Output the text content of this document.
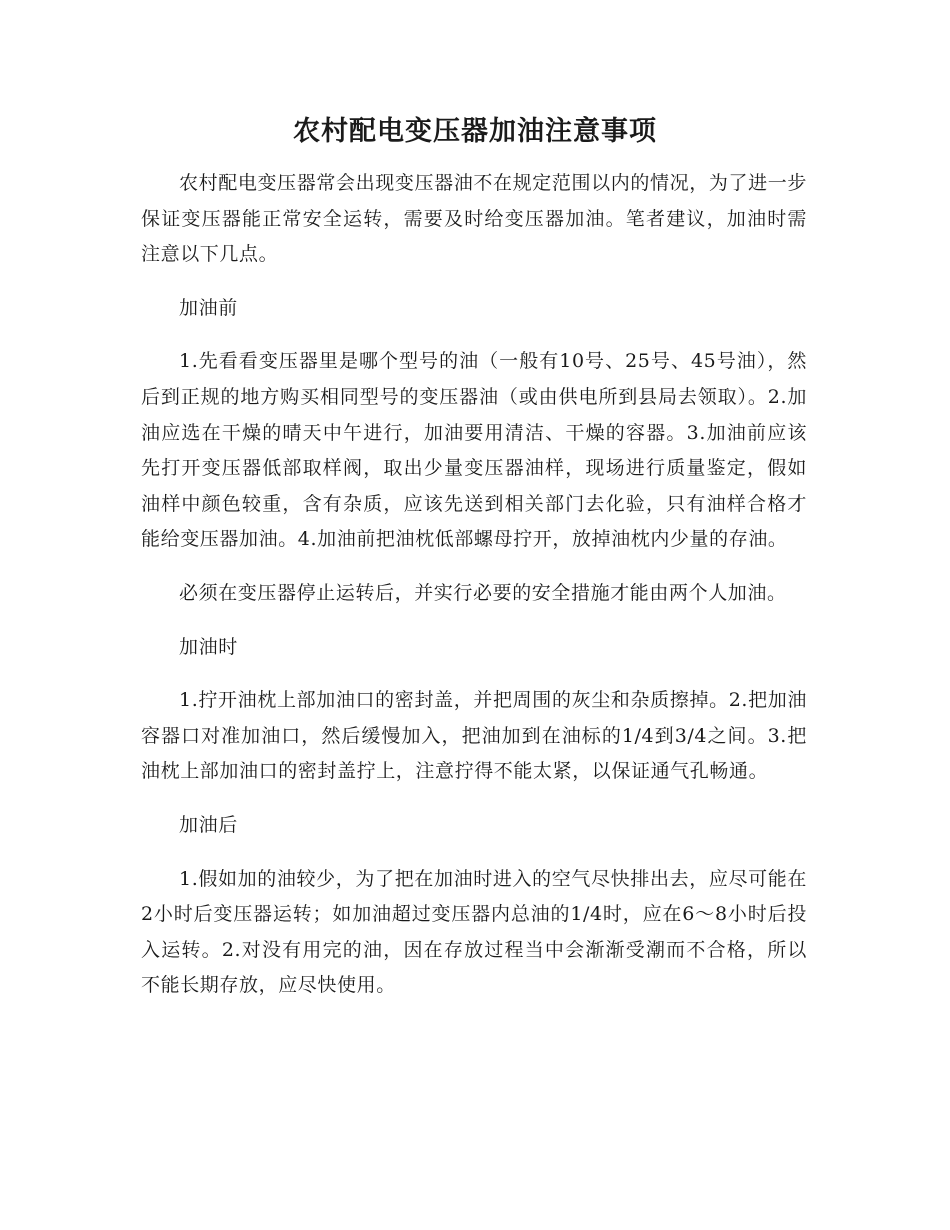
农村配电变压器加油注意事项

农村配电变压器常会出现变压器油不在规定范围以内的情况，为了进一步保证变压器能正常安全运转，需要及时给变压器加油。笔者建议，加油时需注意以下几点。

加油前

1.先看看变压器里是哪个型号的油（一般有10号、25号、45号油），然后到正规的地方购买相同型号的变压器油（或由供电所到县局去领取）。2.加油应选在干燥的晴天中午进行，加油要用清洁、干燥的容器。3.加油前应该先打开变压器低部取样阀，取出少量变压器油样，现场进行质量鉴定，假如油样中颜色较重，含有杂质，应该先送到相关部门去化验，只有油样合格才能给变压器加油。4.加油前把油枕低部螺母拧开，放掉油枕内少量的存油。

必须在变压器停止运转后，并实行必要的安全措施才能由两个人加油。

加油时

1.拧开油枕上部加油口的密封盖，并把周围的灰尘和杂质擦掉。2.把加油容器口对准加油口，然后缓慢加入，把油加到在油标的1/4到3/4之间。3.把油枕上部加油口的密封盖拧上，注意拧得不能太紧，以保证通气孔畅通。

加油后

1.假如加的油较少，为了把在加油时进入的空气尽快排出去，应尽可能在2小时后变压器运转；如加油超过变压器内总油的1/4时，应在6～8小时后投入运转。2.对没有用完的油，因在存放过程当中会渐渐受潮而不合格，所以不能长期存放，应尽快使用。
